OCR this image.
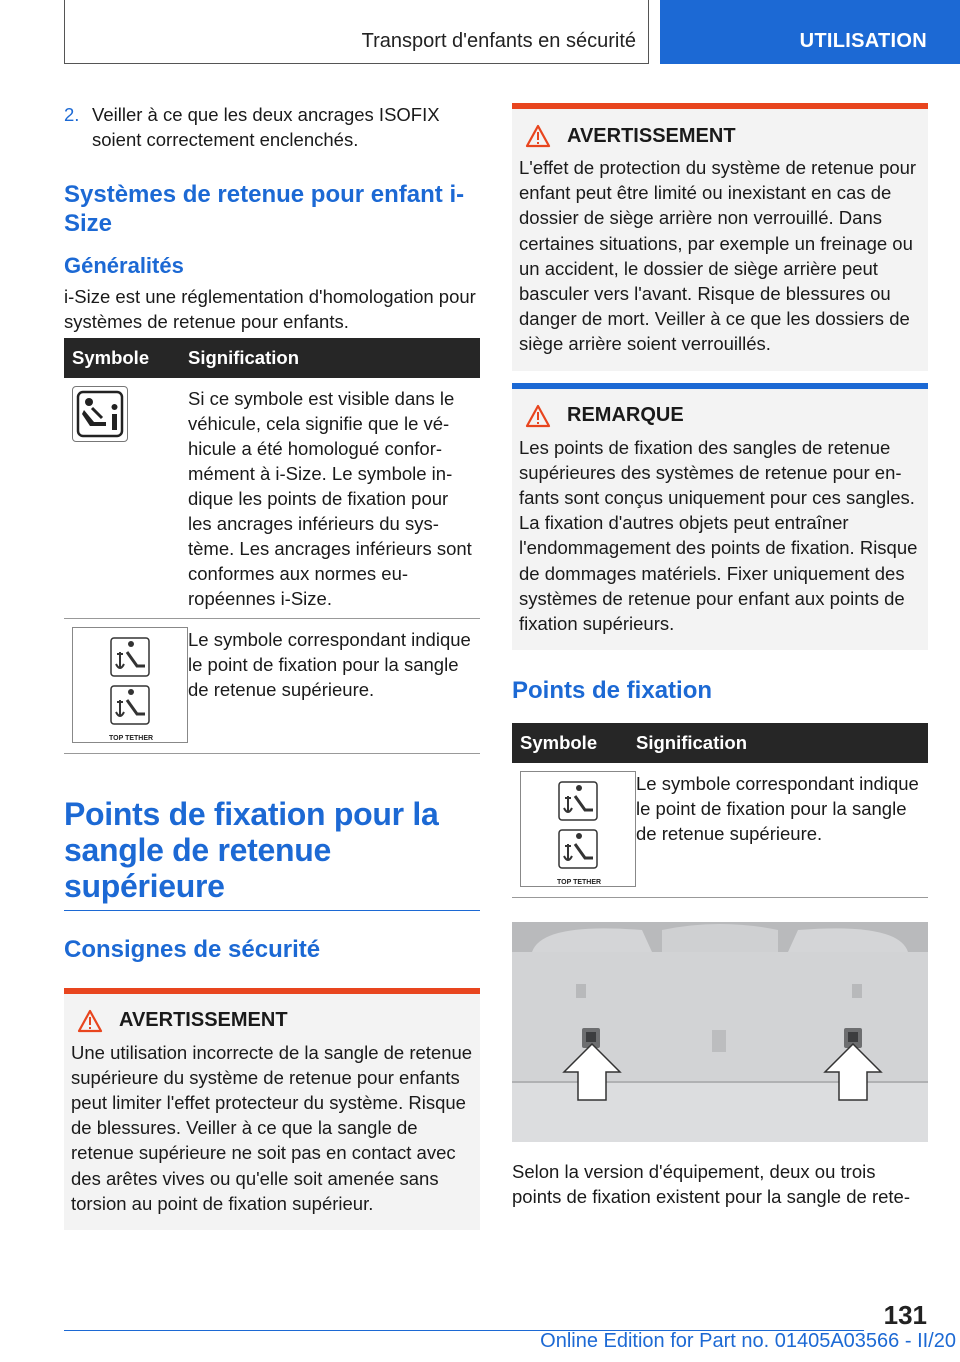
Transport d'enfants en sécurité	UTILISATION
2. Veiller à ce que les deux ancrages ISOFIX soient correctement enclenchés.
Systèmes de retenue pour enfant i-Size
Généralités

i-Size est une réglementation d'homologation pour systèmes de retenue pour enfants.

Symbole	Signification

	Si ce symbole est visible dans le véhicule, cela signifie que le véhicule a été homologué conformément à i-Size. Le symbole indique les points de fixation pour les ancrages inférieurs du système. Les ancrages inférieurs sont conformes aux normes européennes i-Size.

TOP TETHER	Le symbole correspondant indique le point de fixation pour la sangle de retenue supérieure.
Points de fixation pour la sangle de retenue supérieure
Consignes de sécurité
AVERTISSEMENT

Une utilisation incorrecte de la sangle de retenue supérieure du système de retenue pour enfants peut limiter l'effet protecteur du système. Risque de blessures. Veiller à ce que la sangle de retenue supérieure ne soit pas en contact avec des arêtes vives ou qu'elle soit amenée sans torsion au point de fixation supérieur.

AVERTISSEMENT

L'effet de protection du système de retenue pour enfant peut être limité ou inexistant en cas de dossier de siège arrière non verrouillé. Dans certaines situations, par exemple un freinage ou un accident, le dossier de siège arrière peut basculer vers l'avant. Risque de blessures ou danger de mort. Veiller à ce que les dossiers de siège arrière soient verrouillés.

REMARQUE

Les points de fixation des sangles de retenue supérieures des systèmes de retenue pour enfants sont conçus uniquement pour ces sangles. La fixation d'autres objets peut entraîner l'endommagement des points de fixation. Risque de dommages matériels. Fixer uniquement des systèmes de retenue pour enfant aux points de fixation supérieurs.

Points de fixation
Symbole	Signification

TOP TETHER	Le symbole correspondant indique le point de fixation pour la sangle de retenue supérieure.

Selon la version d'équipement, deux ou trois points de fixation existent pour la sangle de rete-

131
Online Edition for Part no. 01405A03566 - II/20
